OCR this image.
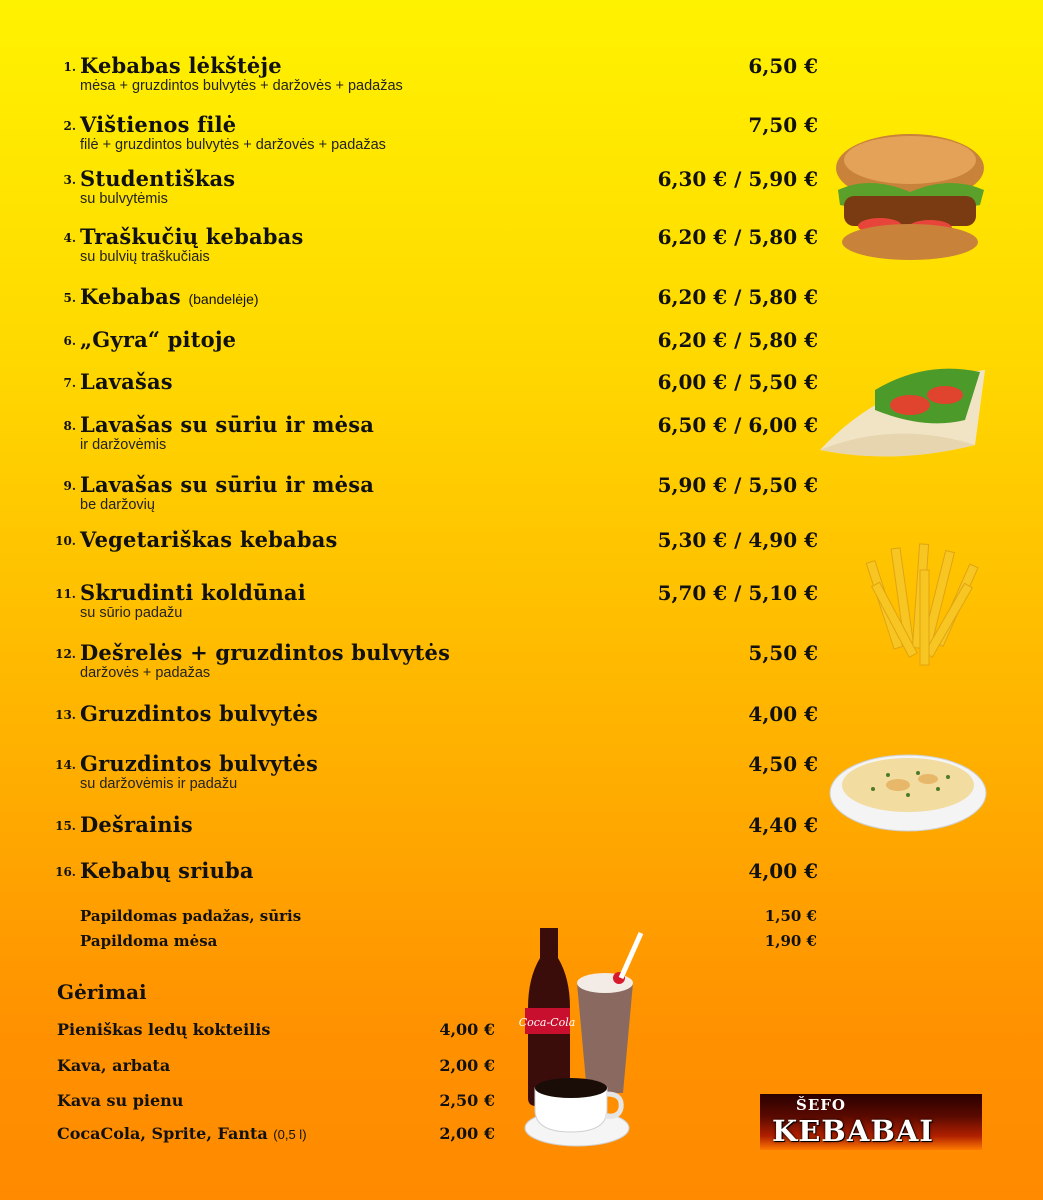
1. Kebabas lėkštėje
mėsa + gruzdintos bulvytės + daržovės + padažas
6,50 €
2. Vištienos filė
filė + gruzdintos bulvytės + daržovės + padažas
7,50 €
3. Studentiškas
su bulvytėmis
6,30 € / 5,90 €
4. Traškučių kebabas
su bulvių traškučiais
6,20 € / 5,80 €
5. Kebabas (bandelėje)	6,20 € / 5,80 €
6. „Gyra“ pitoje	6,20 € / 5,80 €
7. Lavašas	6,00 € / 5,50 €
8. Lavašas su sūriu ir mėsa
ir daržovėmis
6,50 € / 6,00 €
9. Lavašas su sūriu ir mėsa
be daržovių
5,90 € / 5,50 €
10. Vegetariškas kebabas	5,30 € / 4,90 €
11. Skrudinti koldūnai
su sūrio padažu
5,70 € / 5,10 €
12. Dešrelės + gruzdintos bulvytės
daržovės + padažas
5,50 €
13. Gruzdintos bulvytės	4,00 €
14. Gruzdintos bulvytės
su daržovėmis ir padažu
4,50 €
15. Dešrainis	4,40 €
16. Kebabų sriuba	4,00 €
Papildomas padažas, sūris	1,50 €
Papildoma mėsa	1,90 €
Gėrimai
Pieniškas ledų kokteilis	4,00 €
Kava, arbata	2,00 €
Kava su pienu	2,50 €
CocaCola, Sprite, Fanta (0,5 l)	2,00 €
Coca-Cola
ŠEFO
KEBABAI
